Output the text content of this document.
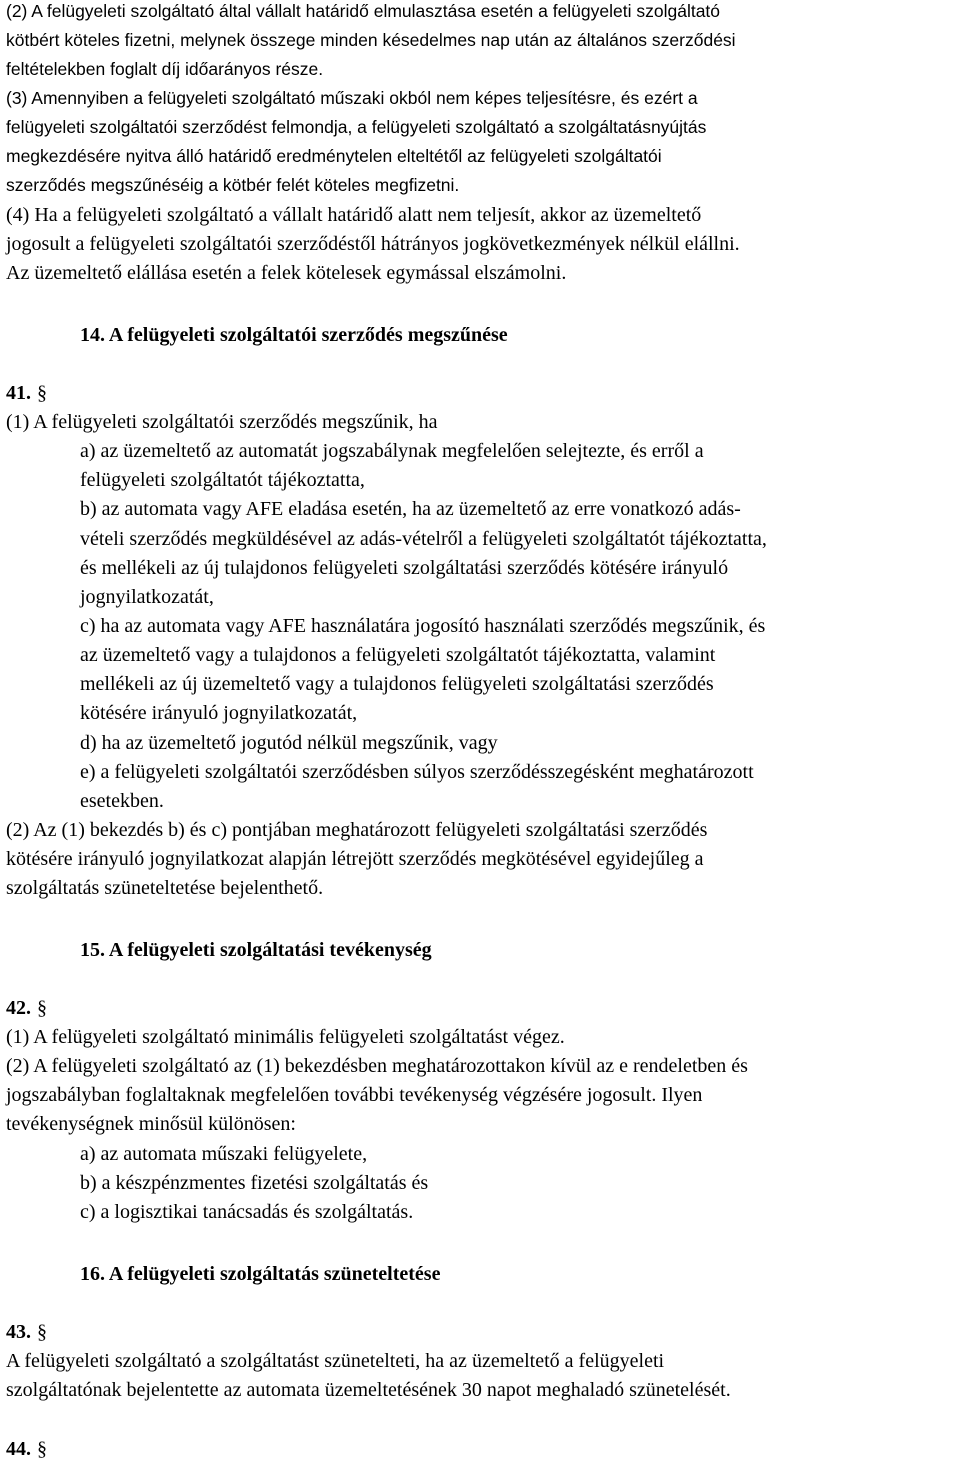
(2) A felügyeleti szolgáltató által vállalt határidő elmulasztása esetén a felügyeleti szolgáltató
kötbért köteles fizetni, melynek összege minden késedelmes nap után az általános szerződési
feltételekben foglalt díj időarányos része.
(3) Amennyiben a felügyeleti szolgáltató műszaki okból nem képes teljesítésre, és ezért a
felügyeleti szolgáltatói szerződést felmondja, a felügyeleti szolgáltató a szolgáltatásnyújtás
megkezdésére nyitva álló határidő eredménytelen elteltétől az felügyeleti szolgáltatói
szerződés megszűnéséig a kötbér felét köteles megfizetni.
(4) Ha a felügyeleti szolgáltató a vállalt határidő alatt nem teljesít, akkor az üzemeltető
jogosult a felügyeleti szolgáltatói szerződéstől hátrányos jogkövetkezmények nélkül elállni.
Az üzemeltető elállása esetén a felek kötelesek egymással elszámolni.
14. A felügyeleti szolgáltatói szerződés megszűnése
41. §
(1) A felügyeleti szolgáltatói szerződés megszűnik, ha
a) az üzemeltető az automatát jogszabálynak megfelelően selejtezte, és erről a
felügyeleti szolgáltatót tájékoztatta,
b) az automata vagy AFE eladása esetén, ha az üzemeltető az erre vonatkozó adás-
vételi szerződés megküldésével az adás-vételről a felügyeleti szolgáltatót tájékoztatta,
és mellékeli az új tulajdonos felügyeleti szolgáltatási szerződés kötésére irányuló
jognyilatkozatát,
c) ha az automata vagy AFE használatára jogosító használati szerződés megszűnik, és
az üzemeltető vagy a tulajdonos a felügyeleti szolgáltatót tájékoztatta, valamint
mellékeli az új üzemeltető vagy a tulajdonos felügyeleti szolgáltatási szerződés
kötésére irányuló jognyilatkozatát,
d) ha az üzemeltető jogutód nélkül megszűnik, vagy
e) a felügyeleti szolgáltatói szerződésben súlyos szerződésszegésként meghatározott
esetekben.
(2) Az (1) bekezdés b) és c) pontjában meghatározott felügyeleti szolgáltatási szerződés
kötésére irányuló jognyilatkozat alapján létrejött szerződés megkötésével egyidejűleg a
szolgáltatás szüneteltetése bejelenthető.
15. A felügyeleti szolgáltatási tevékenység
42. §
(1) A felügyeleti szolgáltató minimális felügyeleti szolgáltatást végez.
(2) A felügyeleti szolgáltató az (1) bekezdésben meghatározottakon kívül az e rendeletben és
jogszabályban foglaltaknak megfelelően további tevékenység végzésére jogosult. Ilyen
tevékenységnek minősül különösen:
a) az automata műszaki felügyelete,
b) a készpénzmentes fizetési szolgáltatás és
c) a logisztikai tanácsadás és szolgáltatás.
16. A felügyeleti szolgáltatás szüneteltetése
43. §
A felügyeleti szolgáltató a szolgáltatást szünetelteti, ha az üzemeltető a felügyeleti
szolgáltatónak bejelentette az automata üzemeltetésének 30 napot meghaladó szünetelését.
44. §
